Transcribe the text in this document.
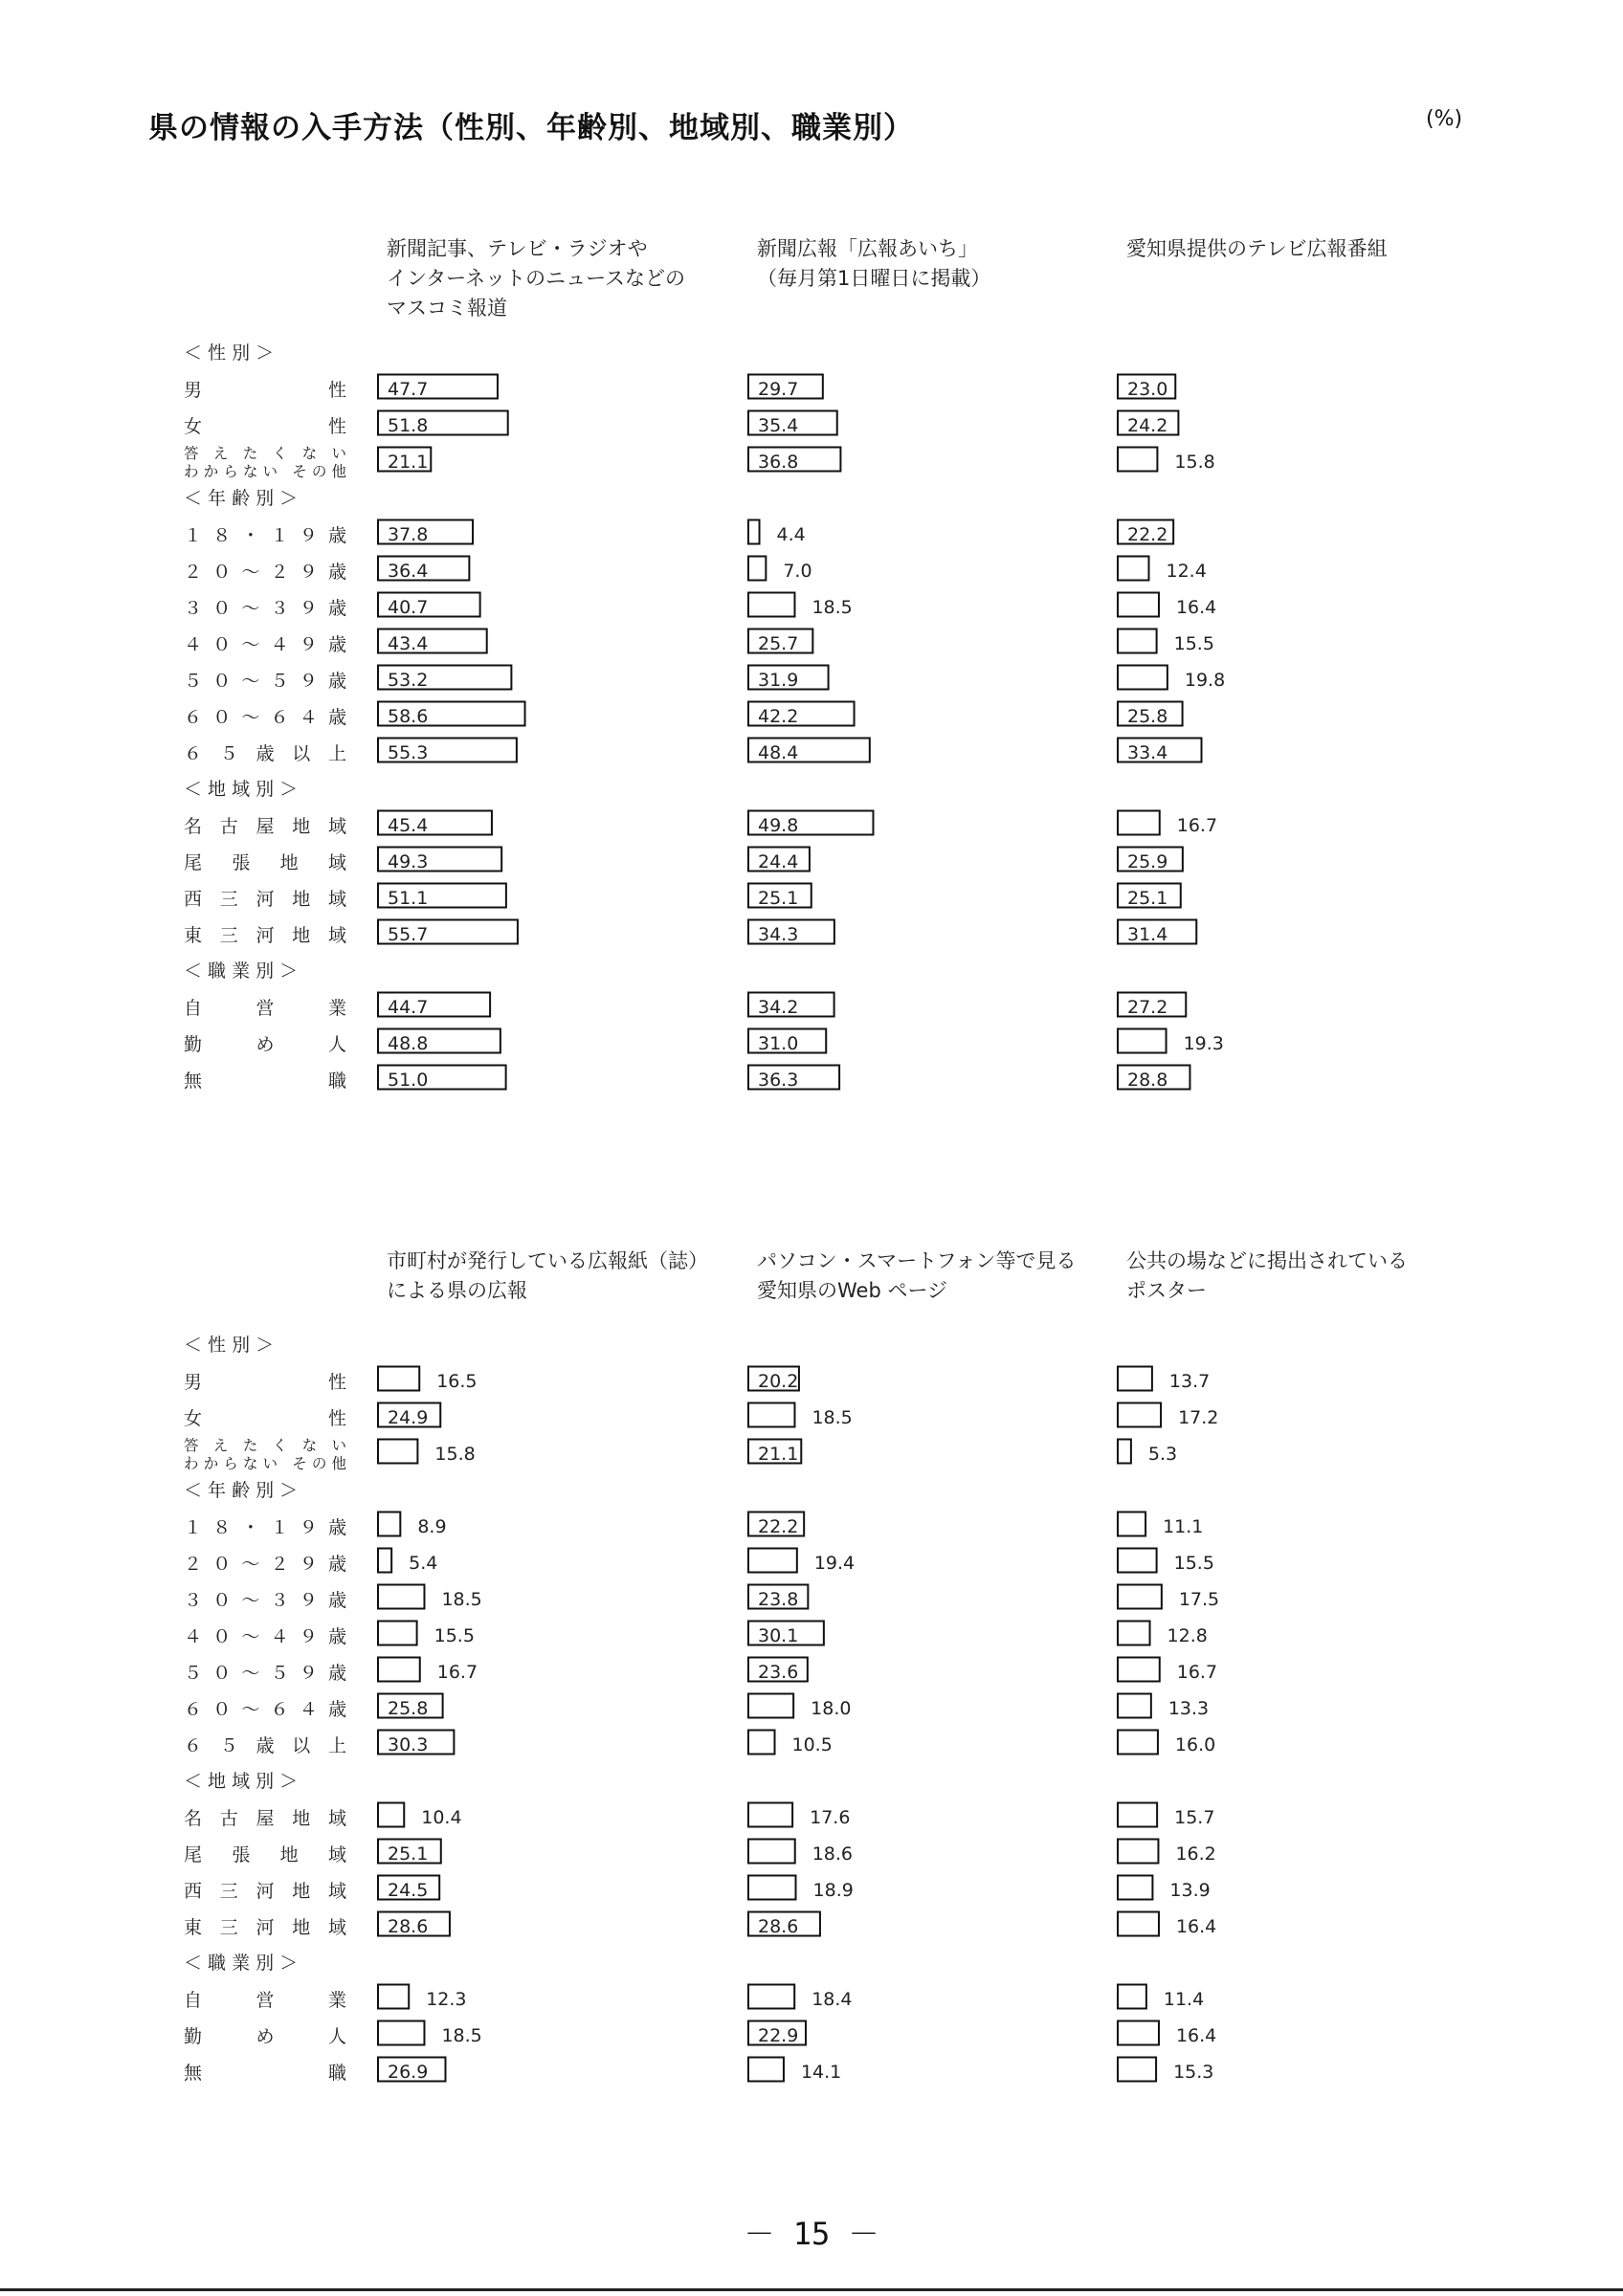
県の情報の入手方法（性別、年齢別、地域別、職業別）	(%)
新聞記事、テレビ・ラジオや
インターネットのニュースなどの
マスコミ報道
新聞広報「広報あいち」
（毎月第1日曜日に掲載）
愛知県提供のテレビ広報番組
＜ 性 別 ＞
男　　　　性 47.7	29.7	23.0
女　　　　性 51.8	35.4	24.2
答 え た く な い
わからない その他 21.1	36.8	15.8
＜ 年 齢 別 ＞
１ ８ ・ １ ９ 歳 37.8	4.4	22.2
２ ０ ～ ２ ９ 歳 36.4	7.0	12.4
３ ０ ～ ３ ９ 歳 40.7	18.5	16.4
４ ０ ～ ４ ９ 歳 43.4	25.7	15.5
５ ０ ～ ５ ９ 歳 53.2	31.9	19.8
６ ０ ～ ６ ４ 歳 58.6	42.2	25.8
６ ５ 歳 以 上 55.3	48.4	33.4
＜ 地 域 別 ＞
名 古 屋 地 域 45.4	49.8	16.7
尾 張 地 域 49.3	24.4	25.9
西 三 河 地 域 51.1	25.1	25.1
東 三 河 地 域 55.7	34.3	31.4
＜ 職 業 別 ＞
自　　営　　業 44.7	34.2	27.2
勤　　め　　人 48.8	31.0	19.3
無　　　　　職 51.0	36.3	28.8
市町村が発行している広報紙（誌）
による県の広報
パソコン・スマートフォン等で見る
愛知県のWeb ページ
公共の場などに掲出されている
ポスター
＜ 性 別 ＞
男　　　　性	16.5	20.2	13.7
女　　　　性 24.9	18.5	17.2
答 え た く な い
わからない その他	15.8	21.1	5.3
＜ 年 齢 別 ＞
１ ８ ・ １ ９ 歳	8.9	22.2	11.1
２ ０ ～ ２ ９ 歳	5.4	19.4	15.5
３ ０ ～ ３ ９ 歳	18.5	23.8	17.5
４ ０ ～ ４ ９ 歳	15.5	30.1	12.8
５ ０ ～ ５ ９ 歳	16.7	23.6	16.7
６ ０ ～ ６ ４ 歳 25.8	18.0	13.3
６ ５ 歳 以 上 30.3	10.5	16.0
＜ 地 域 別 ＞
名 古 屋 地 域	10.4	17.6	15.7
尾 張 地 域 25.1	18.6	16.2
西 三 河 地 域 24.5	18.9	13.9
東 三 河 地 域 28.6	28.6	16.4
＜ 職 業 別 ＞
自　　営　　業	12.3	18.4	11.4
勤　　め　　人	18.5	22.9	16.4
無　　　　　職 26.9	14.1	15.3
－ 15 －
